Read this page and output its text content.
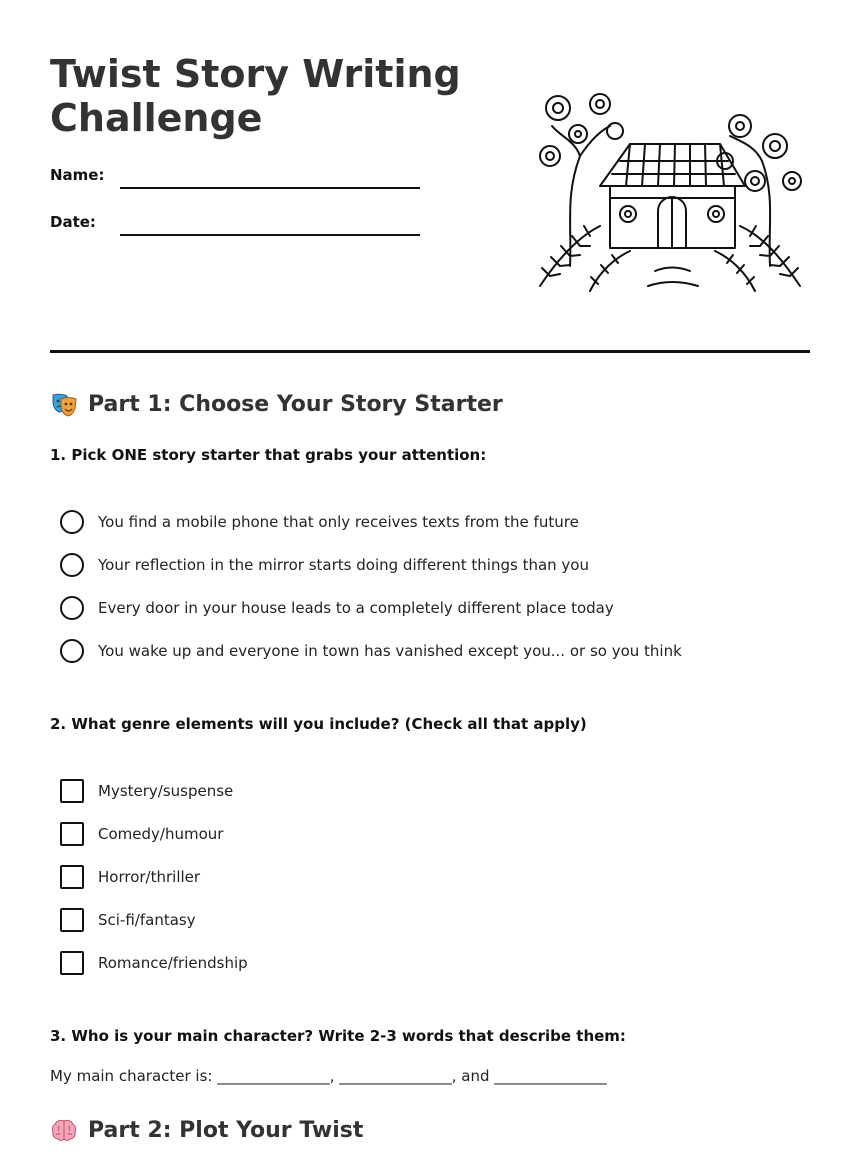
Twist Story Writing Challenge
Name:
Date:
Part 1: Choose Your Story Starter
1. Pick ONE story starter that grabs your attention:
You find a mobile phone that only receives texts from the future
Your reflection in the mirror starts doing different things than you
Every door in your house leads to a completely different place today
You wake up and everyone in town has vanished except you... or so you think
2. What genre elements will you include? (Check all that apply)
Mystery/suspense
Comedy/humour
Horror/thriller
Sci-fi/fantasy
Romance/friendship
3. Who is your main character? Write 2-3 words that describe them:
My main character is: _______________, _______________, and _______________
Part 2: Plot Your Twist
